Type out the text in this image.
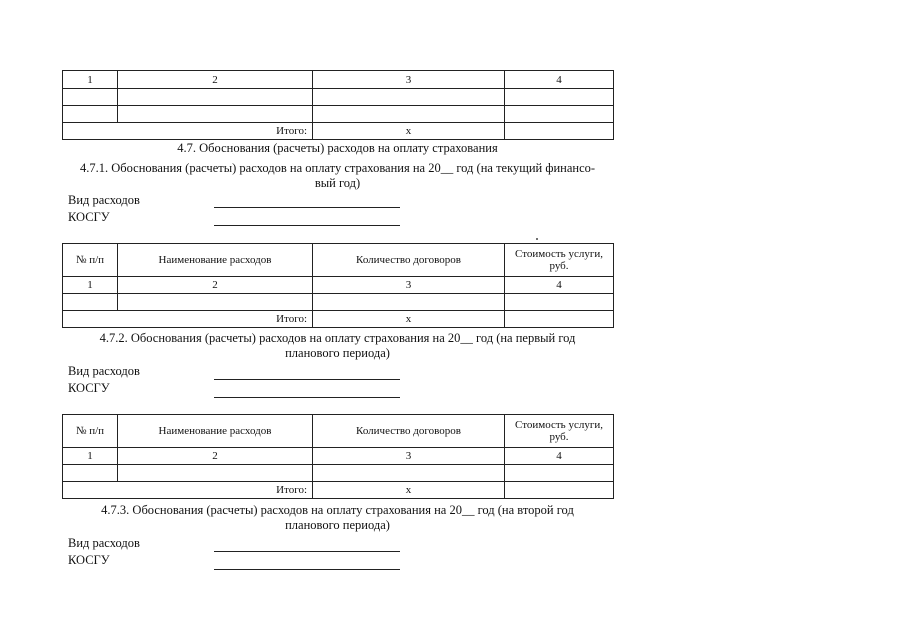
1	2	3	4

Итого:		x	
4.7. Обоснования (расчеты) расходов на оплату страхования
4.7.1. Обоснования (расчеты) расходов на оплату страхования на 20__ год (на текущий финансо-
вый год)
Вид расходов
КОСГУ
№ п/п	Наименование расходов	Количество договоров	Стоимость услуги, руб.
1	2	3	4

Итого:		x	
4.7.2. Обоснования (расчеты) расходов на оплату страхования на 20__ год (на первый год
планового периода)
Вид расходов
КОСГУ
№ п/п	Наименование расходов	Количество договоров	Стоимость услуги, руб.
1	2	3	4

Итого:		x	
4.7.3. Обоснования (расчеты) расходов на оплату страхования на 20__ год (на второй год
планового периода)
Вид расходов
КОСГУ
